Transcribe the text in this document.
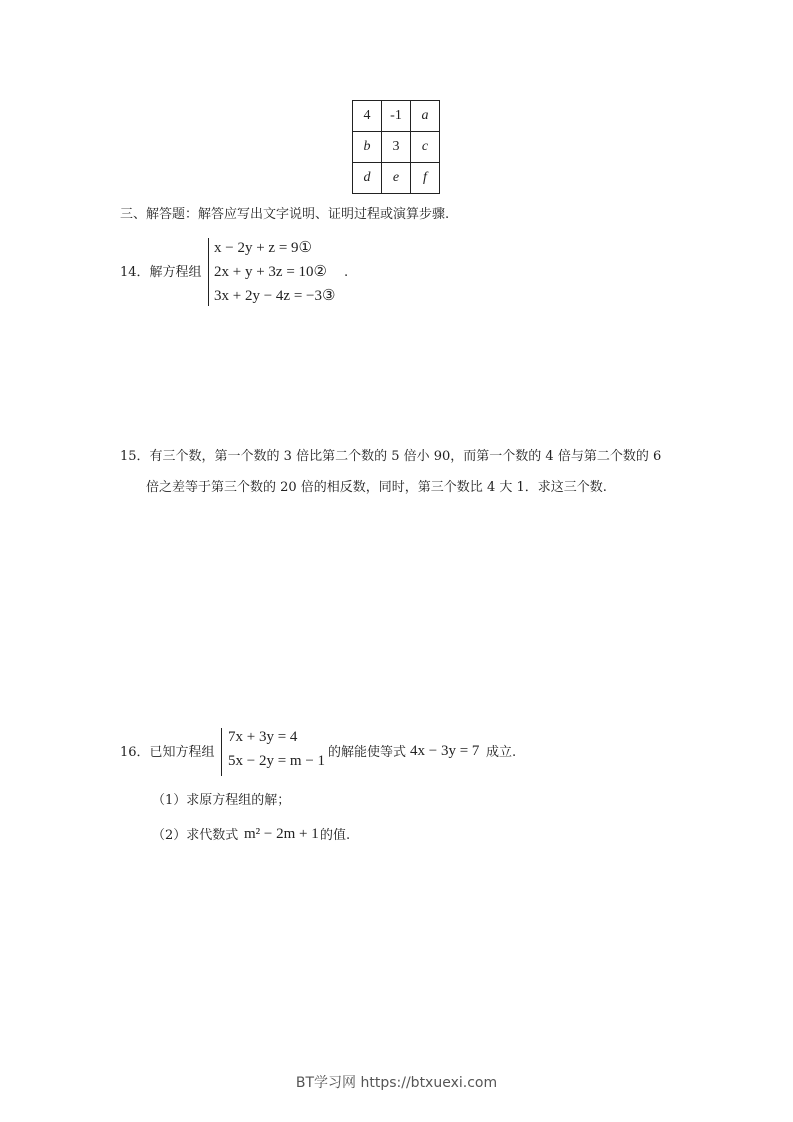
4	-1	a
b	3	c
d	e	f
三、解答题：解答应写出文字说明、证明过程或演算步骤.
14．解方程组
x − 2y + z = 9①
2x + y + 3z = 10②
3x + 2y − 4z = −3③
.
15．有三个数，第一个数的 3 倍比第二个数的 5 倍小 90，而第一个数的 4 倍与第二个数的 6
倍之差等于第三个数的 20 倍的相反数，同时，第三个数比 4 大 1．求这三个数.
16．已知方程组
7x + 3y = 4
5x − 2y = m − 1
的解能使等式 4x − 3y = 7 成立.
（1）求原方程组的解；
（2）求代数式 m² − 2m + 1 的值.
BT学习网 https://btxuexi.com
